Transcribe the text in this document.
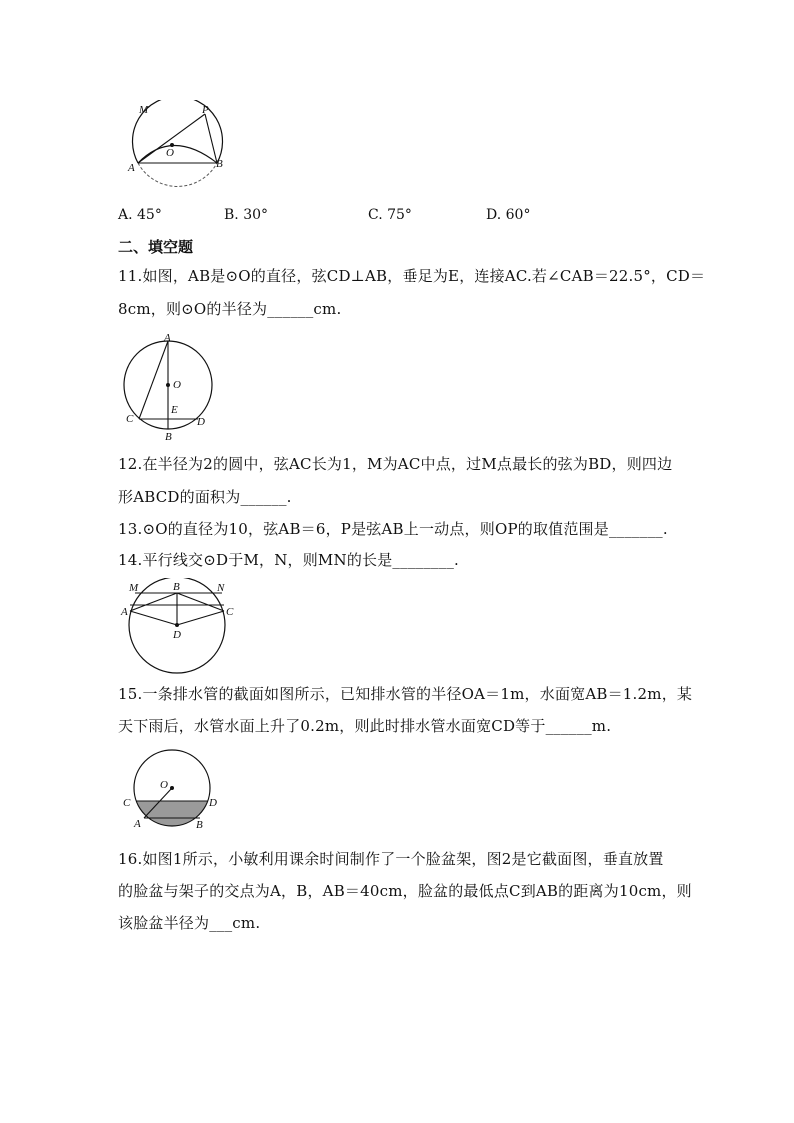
M	P
O
A	B
A. 45°	B. 30°	C. 75°	D. 60°
二、填空题
11.如图，AB是⊙O的直径，弦CD⊥AB，垂足为E，连接AC.若∠CAB＝22.5°，CD＝
8cm，则⊙O的半径为______cm.
A
O
E
C	D
B
12.在半径为2的圆中，弦AC长为1，M为AC中点，过M点最长的弦为BD，则四边
形ABCD的面积为______.
13.⊙O的直径为10，弦AB＝6，P是弦AB上一动点，则OP的取值范围是_______.
14.平行线交⊙D于M，N，则MN的长是________.
M	B	N
A	C
D
15.一条排水管的截面如图所示，已知排水管的半径OA＝1m，水面宽AB＝1.2m，某
天下雨后，水管水面上升了0.2m，则此时排水管水面宽CD等于______m.
O
C	D
A	B
16.如图1所示，小敏利用课余时间制作了一个脸盆架，图2是它截面图，垂直放置
的脸盆与架子的交点为A，B，AB＝40cm，脸盆的最低点C到AB的距离为10cm，则
该脸盆半径为___cm.
